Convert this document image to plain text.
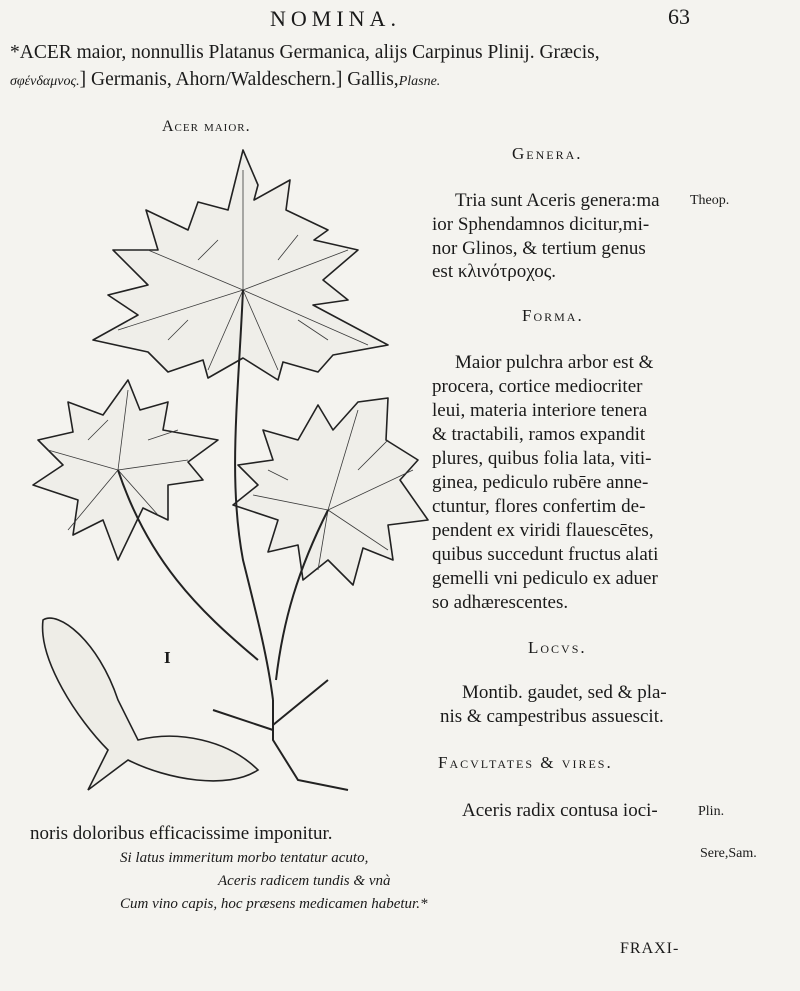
NOMINA.	63
*ACER maior, nonnullis Platanus Germanica, alijs Carpinus Plinij. Græcis,
σφένδαμνος.] Germanis, Ahorn/Waldeschern.] Gallis,Plasne.
Acer maior.
I
Genera.
Tria sunt Aceris genera:ma
ior Sphendamnos dicitur,mi-
nor Glinos, & tertium genus
est κλινότροχος.
Theop.
Forma.
Maior pulchra arbor est &
procera, cortice mediocriter
leui, materia interiore tenera
& tractabili, ramos expandit
plures, quibus folia lata, viti-
ginea, pediculo rubēre anne-
ctuntur, flores confertim de-
pendent ex viridi flauescētes,
quibus succedunt fructus alati
gemelli vni pediculo ex aduer
so adhærescentes.
Locvs.
Montib. gaudet, sed & pla-
nis & campestribus assuescit.
Facvltates & vires.
Aceris radix contusa ioci-	Plin.
noris doloribus efficacissime imponitur.
Si latus immeritum morbo tentatur acuto,
Aceris radicem tundis & vnà
Cum vino capis, hoc præsens medicamen habetur.*
Sere,Sam.
FRAXI-
